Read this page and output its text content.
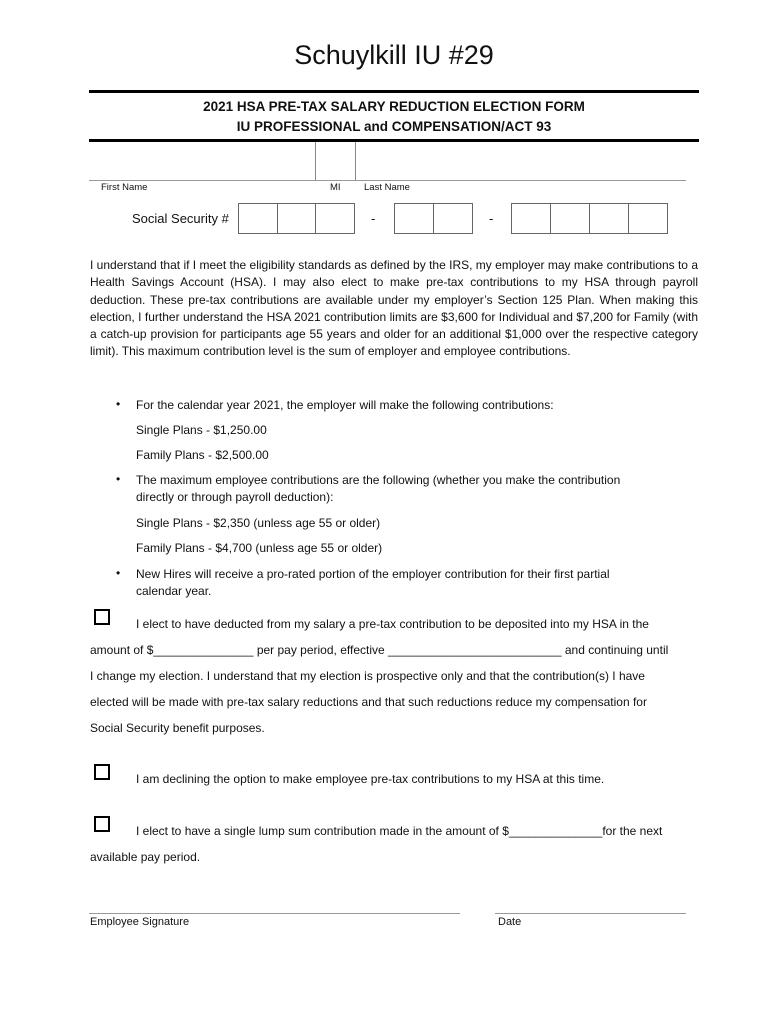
Schuylkill IU #29
2021 HSA PRE-TAX SALARY REDUCTION ELECTION FORM
IU PROFESSIONAL and COMPENSATION/ACT 93
First Name	MI Last Name
Social Security #	-	-
I understand that if I meet the eligibility standards as defined by the IRS, my employer may make contributions to a Health Savings Account (HSA). I may also elect to make pre-tax contributions to my HSA through payroll deduction. These pre-tax contributions are available under my employer’s Section 125 Plan. When making this election, I further understand the HSA 2021 contribution limits are $3,600 for Individual and $7,200 for Family (with a catch-up provision for participants age 55 years and older for an additional $1,000 over the respective category limit). This maximum contribution level is the sum of employer and employee contributions.
• For the calendar year 2021, the employer will make the following contributions:
Single Plans - $1,250.00
Family Plans - $2,500.00
• The maximum employee contributions are the following (whether you make the contribution
directly or through payroll deduction):
Single Plans - $2,350 (unless age 55 or older)
Family Plans - $4,700 (unless age 55 or older)
• New Hires will receive a pro-rated portion of the employer contribution for their first partial
calendar year.
I elect to have deducted from my salary a pre-tax contribution to be deposited into my HSA in the
amount of $_______________ per pay period, effective __________________________ and continuing until
I change my election. I understand that my election is prospective only and that the contribution(s) I have
elected will be made with pre-tax salary reductions and that such reductions reduce my compensation for
Social Security benefit purposes.
I am declining the option to make employee pre-tax contributions to my HSA at this time.
I elect to have a single lump sum contribution made in the amount of $______________for the next
available pay period.
Employee Signature	Date
